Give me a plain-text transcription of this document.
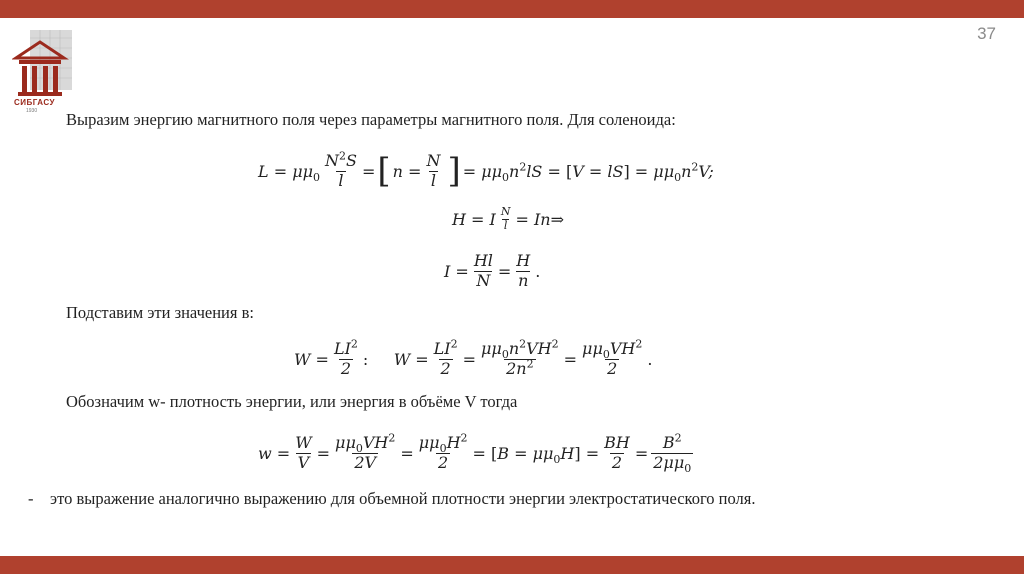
37
СИБГАСУ
1930 Выразим энергию магнитного поля через параметры магнитного поля. Для соленоида:
$L = \mu\mu_0 \frac{N^2S}{l}$ = [ $n = \frac{N}{l}$ ] =
$\mu\mu_0n^2lS = [V = lS] = \mu\mu_0n^2V$;
H = I $\frac{N}{l}$ =
In⇒
$I = \frac{Hl}{N} = \frac{H}{n}$ .
Подставим эти значения в:
$W = \frac{LI^2}{2}$ : $W = \frac{LI^2}{2} = \frac{\mu\mu_0n^2VH^2}{2n^2} = \frac{\mu\mu_0VH^2}{2}$ .
Обозначим w- плотность энергии, или энергия в объёме V тогда
$w = \frac{W}{V} = \frac{\mu\mu_0VH^2}{2V} = \frac{\mu\mu_0H^2}{2}$ =
$[B = \mu\mu_0H]$
= $\frac{BH}{2} = \frac{B^2}{2\mu\mu_0}$
- это выражение аналогично выражению для объемной плотности энергии электростатического поля.
